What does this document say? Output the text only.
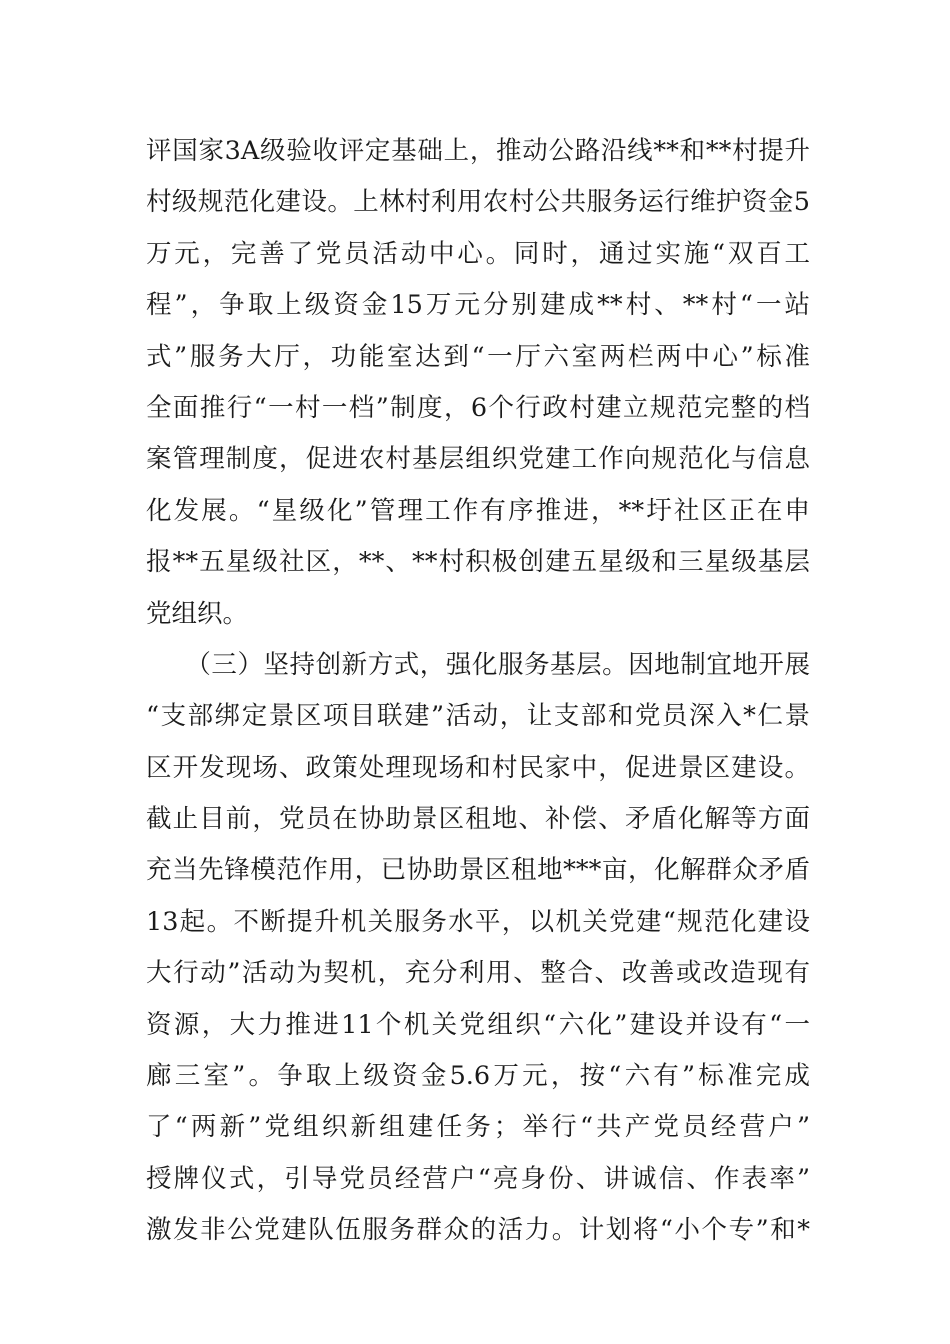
评国家3A级验收评定基础上，推动公路沿线**和**村提升
村级规范化建设。上林村利用农村公共服务运行维护资金5
万元，完善了党员活动中心。同时，通过实施“双百工
程”，争取上级资金15万元分别建成**村、**村“一站
式”服务大厅，功能室达到“一厅六室两栏两中心”标准
全面推行“一村一档”制度，6个行政村建立规范完整的档
案管理制度，促进农村基层组织党建工作向规范化与信息
化发展。“星级化”管理工作有序推进，**圩社区正在申
报**五星级社区，**、**村积极创建五星级和三星级基层
党组织。
　　（三）坚持创新方式，强化服务基层。因地制宜地开展
“支部绑定景区项目联建”活动，让支部和党员深入*仁景
区开发现场、政策处理现场和村民家中，促进景区建设。
截止目前，党员在协助景区租地、补偿、矛盾化解等方面
充当先锋模范作用，已协助景区租地***亩，化解群众矛盾
13起。不断提升机关服务水平，以机关党建“规范化建设
大行动”活动为契机，充分利用、整合、改善或改造现有
资源，大力推进11个机关党组织“六化”建设并设有“一
廊三室”。争取上级资金5.6万元，按“六有”标准完成
了“两新”党组织新组建任务；举行“共产党员经营户”
授牌仪式，引导党员经营户“亮身份、讲诚信、作表率”
激发非公党建队伍服务群众的活力。计划将“小个专”和*
